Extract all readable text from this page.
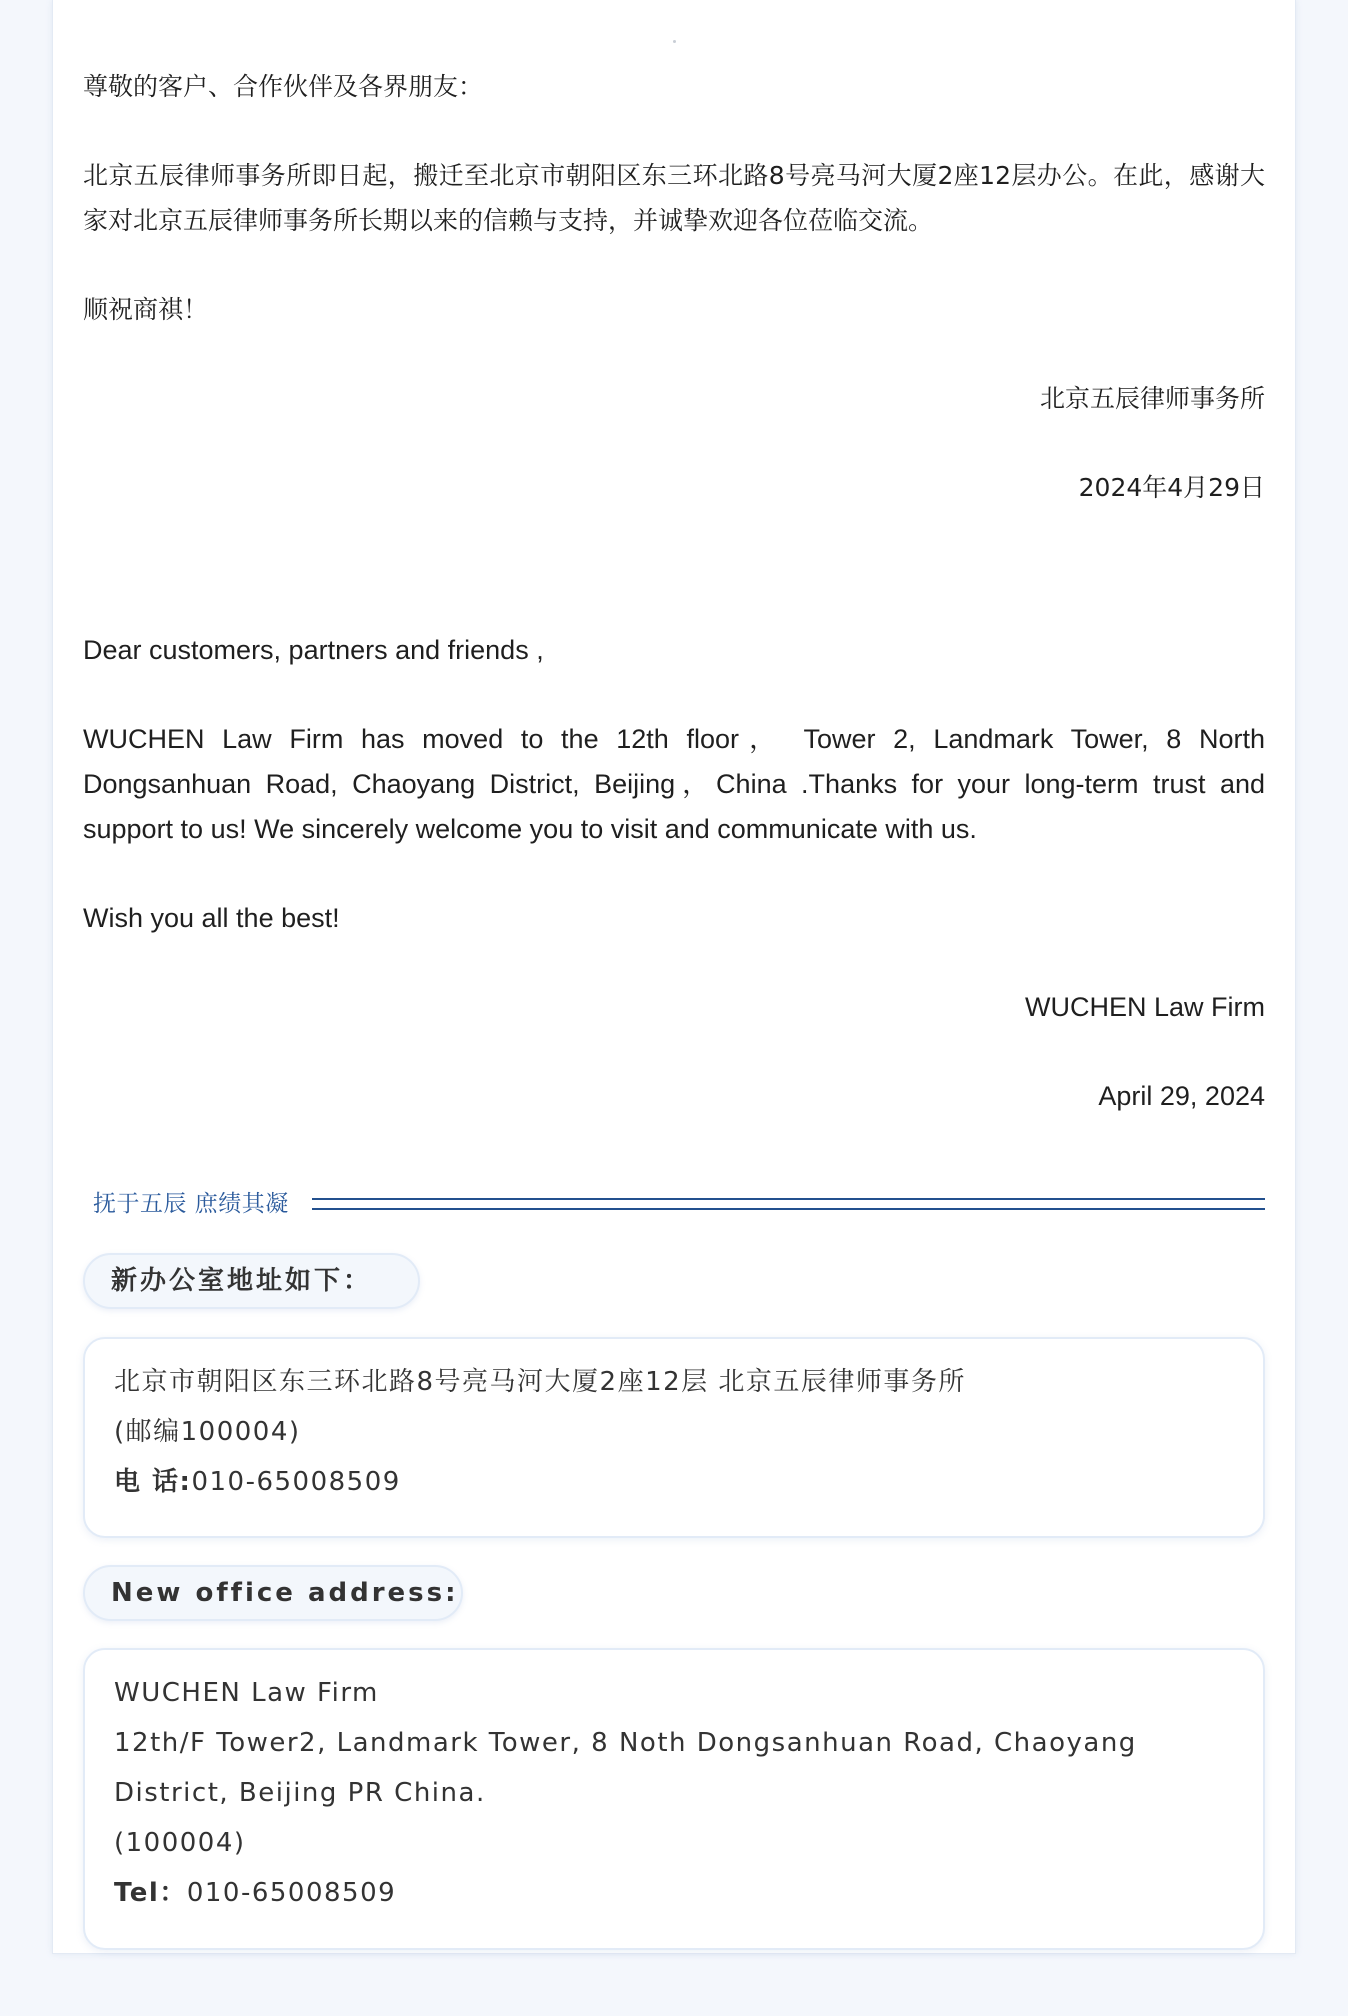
尊敬的客户、合作伙伴及各界朋友：

北京五辰律师事务所即日起，搬迁至北京市朝阳区东三环北路8号亮马河大厦2座12层办公。在此，感谢大家对北京五辰律师事务所长期以来的信赖与支持，并诚挚欢迎各位莅临交流。

顺祝商祺！

北京五辰律师事务所

2024年4月29日

Dear customers, partners and friends ,

WUCHEN Law Firm has moved to the 12th floor， Tower 2, Landmark Tower, 8 North Dongsanhuan Road, Chaoyang District, Beijing，China .Thanks for your long-term trust and support to us! We sincerely welcome you to visit and communicate with us.

Wish you all the best!

WUCHEN Law Firm

April 29, 2024

抚于五辰 庶绩其凝
新办公室地址如下：

北京市朝阳区东三环北路8号亮马河大厦2座12层 北京五辰律师事务所

(邮编100004)

电 话:010-65008509

New office address:

WUCHEN Law Firm

12th/F Tower2, Landmark Tower, 8 Noth Dongsanhuan Road, Chaoyang District, Beijing PR China.

(100004)

Tel：010-65008509
